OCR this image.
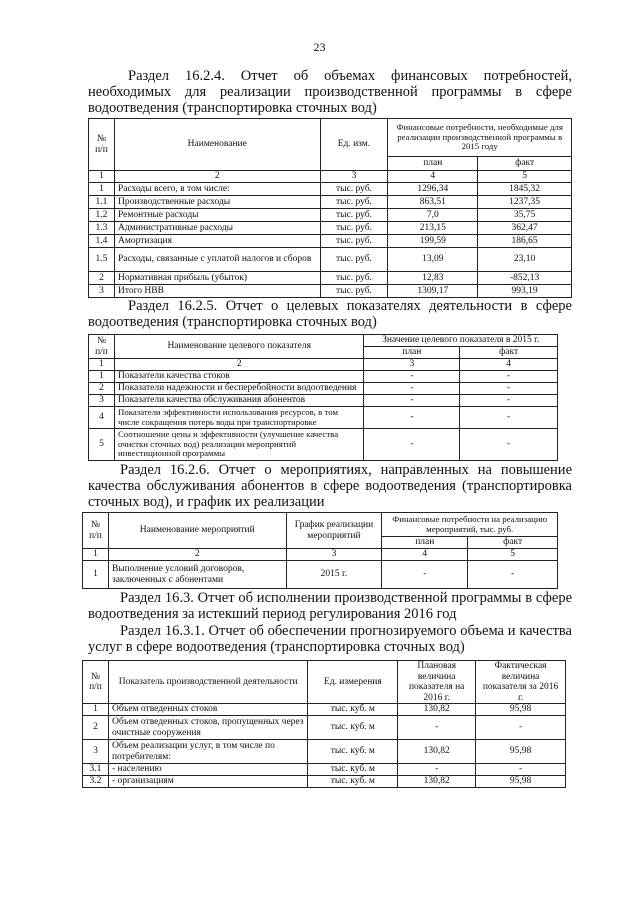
23
Раздел 16.2.4. Отчет об объемах финансовых потребностей, необходимых для реализации производственной программы в сфере водоотведения (транспортировка сточных вод)
№ п/п	Наименование	Ед. изм.	Финансовые потребности, необходимые для реализации производственной программы в 2015 году	
			план	факт
1	2	3	4	5
1	Расходы всего, в том числе:	тыс. руб.	1296,34	1845,32
1.1	Производственные расходы	тыс. руб.	863,51	1237,35
1.2	Ремонтные расходы	тыс. руб.	7,0	35,75
1.3	Административные расходы	тыс. руб.	213,15	362,47
1.4	Амортизация	тыс. руб.	199,59	186,65
1.5	Расходы, связанные с уплатой налогов и сборов	тыс. руб.	13,09	23,10
2	Нормативная прибыль (убыток)	тыс. руб.	12,83	-852,13
3	Итого НВВ	тыс. руб.	1309,17	993,19
Раздел 16.2.5. Отчет о целевых показателях деятельности в сфере водоотведения (транспортировка сточных вод)
№ п/п	Наименование целевого показателя	Значение целевого показателя в 2015 г.	
		план	факт
1	2	3	4
1	Показатели качества стоков	-	-
2	Показатели надежности и бесперебойности водоотведения	-	-
3	Показатели качества обслуживания абонентов	-	-
4	Показатели эффективности использования ресурсов, в том числе сокращения потерь воды при транспортировке	-	-
5	Соотношение цены и эффективности (улучшение качества очистки сточных вод) реализации мероприятий инвестиционной программы	-	-
Раздел 16.2.6. Отчет о мероприятиях, направленных на повышение качества обслуживания абонентов в сфере водоотведения (транспортировка сточных вод), и график их реализации
№ п/п	Наименование мероприятий	График реализации мероприятий	Финансовые потребности на реализацию мероприятий, тыс. руб.	
			план	факт
1	2	3	4	5
1	Выполнение условий договоров, заключенных с абонентами	2015 г.	-	-
Раздел 16.3. Отчет об исполнении производственной программы в сфере водоотведения за истекший период регулирования 2016 год
Раздел 16.3.1. Отчет об обеспечении прогнозируемого объема и качества услуг в сфере водоотведения (транспортировка сточных вод)
№ п/п	Показатель производственной деятельности	Ед. измерения	Плановая величина показателя на 2016 г.	Фактическая величина показателя за 2016 г.
1	Объем отведенных стоков	тыс. куб. м	130,82	95,98
2	Объем отведенных стоков, пропущенных через очистные сооружения	тыс. куб. м	-	-
3	Объем реализации услуг, в том числе по потребителям:	тыс. куб. м	130,82	95,98
3.1	- населению	тыс. куб. м	-	-
3.2	- организациям	тыс. куб. м	130,82	95,98
